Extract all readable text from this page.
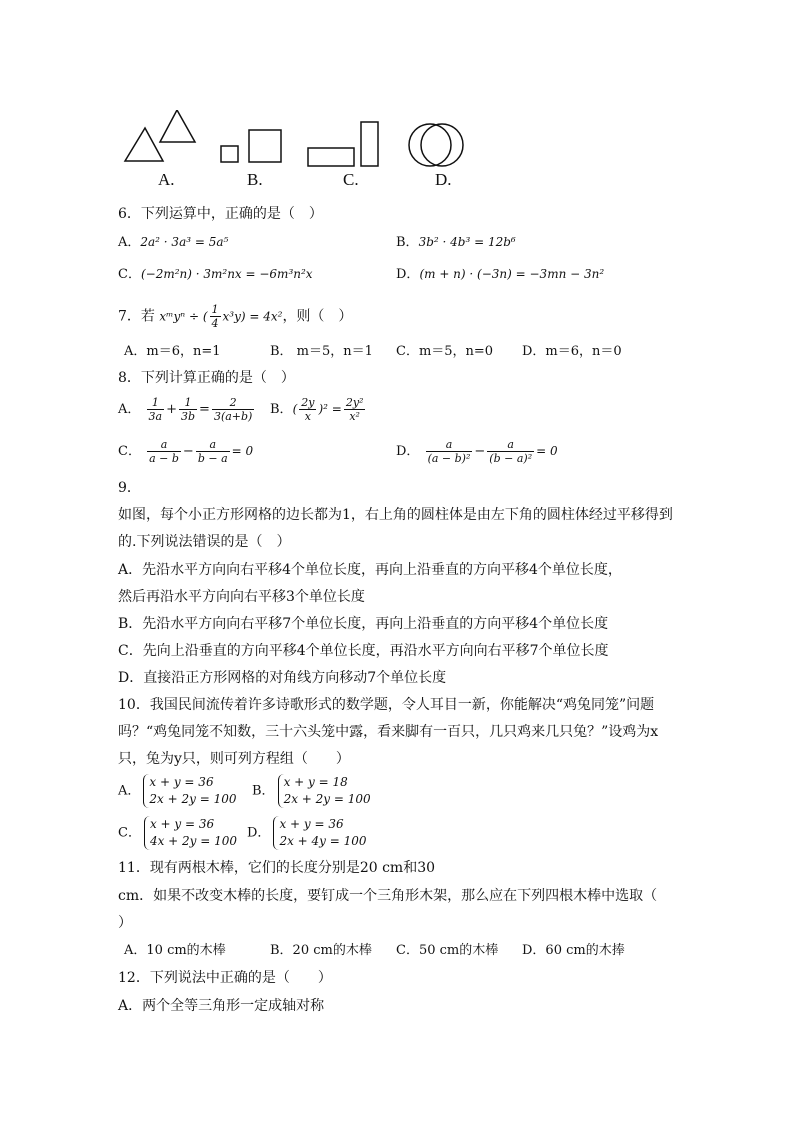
A.	B.	C.	D.
6．下列运算中，正确的是（　）
A．2a² · 3a³ = 5a⁵	B．3b² · 4b³ = 12b⁶
C．(−2m²n) · 3m²nx = −6m³n²x	D．(m + n) · (−3n) = −3mn − 3n²
7．若 xᵐyⁿ ÷ ( $\frac{1}{4} x^3y) = 4x^2$，则（　）
A．m＝6，n=1	B． m＝5，n＝1 C．m＝5，n=0 D．m＝6，n＝0
8．下列计算正确的是（　）
A． $\frac{1}{3a} + \frac{1}{3b} = \frac{2}{3(a+b)}$ B．( $\frac{2y}{x} )^2 = \frac{\text{2y²}}{\text{x²}}$
C． $\frac{a}{a - b} - \frac{a}{b - a} = 0$	D． $\frac{a}{\text{(a − b)²}} - \frac{a}{\text{(b − a)²}} = 0$
9．
如图，每个小正方形网格的边长都为1，右上角的圆柱体是由左下角的圆柱体经过平移得到
的.下列说法错误的是（　）
A．先沿水平方向向右平移4个单位长度，再向上沿垂直的方向平移4个单位长度，
然后再沿水平方向向右平移3个单位长度
B．先沿水平方向向右平移7个单位长度，再向上沿垂直的方向平移4个单位长度
C．先向上沿垂直的方向平移4个单位长度，再沿水平方向向右平移7个单位长度
D．直接沿正方形网格的对角线方向移动7个单位长度
10．我国民间流传着许多诗歌形式的数学题，令人耳目一新，你能解决“鸡兔同笼”问题
吗？“鸡兔同笼不知数，三十六头笼中露，看来脚有一百只，几只鸡来几只兔？”设鸡为x
只，兔为y只，则可列方程组（　　）
A．
x + y = 36
2x + 2y = 100
B．
x + y = 18
2x + 2y = 100
C．
x + y = 36
4x + 2y = 100
D．
x + y = 36
2x + 4y = 100
11．现有两根木棒，它们的长度分别是20 cm和30
cm．如果不改变木棒的长度，要钉成一个三角形木架，那么应在下列四根木棒中选取（
）
A．10 cm的木棒	B．20 cm的木棒 C．50 cm的木棒 D．60 cm的木捧
12．下列说法中正确的是（　　）
A．两个全等三角形一定成轴对称
